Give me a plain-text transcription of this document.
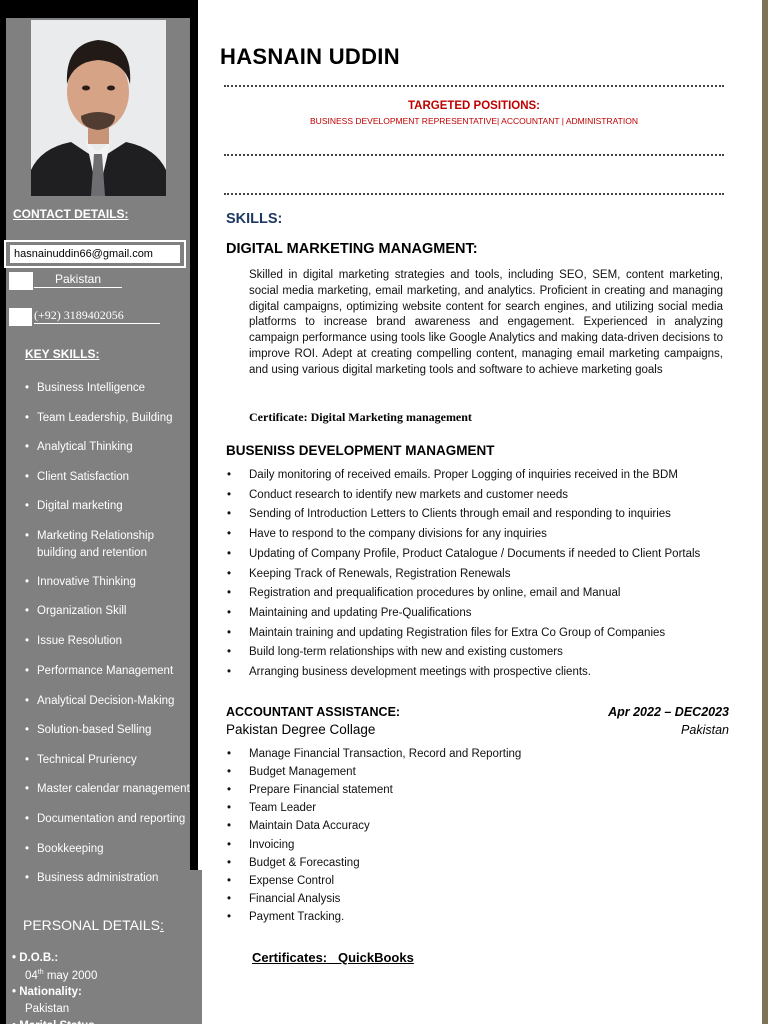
CONTACT DETAILS:
hasnainuddin66@gmail.com
Pakistan
(+92) 3189402056
KEY SKILLS:
• Business Intelligence
• Team Leadership, Building
• Analytical Thinking
• Client Satisfaction
• Digital marketing
• Marketing Relationship building and retention
• Innovative Thinking
• Organization Skill
• Issue Resolution
• Performance Management
• Analytical Decision-Making
• Solution-based Selling
• Technical Pruriency
• Master calendar management
• Documentation and reporting
• Bookkeeping
• Business administration
PERSONAL DETAILS:
• D.O.B.:
04th may 2000
• Nationality:
Pakistan
• Marital Status
HASNAIN UDDIN
TARGETED POSITIONS:
BUSINESS DEVELOPMENT REPRESENTATIVE| ACCOUNTANT | ADMINISTRATION
SKILLS:
DIGITAL MARKETING MANAGMENT:
Skilled in digital marketing strategies and tools, including SEO, SEM, content marketing, social media marketing, email marketing, and analytics. Proficient in creating and managing digital campaigns, optimizing website content for search engines, and utilizing social media platforms to increase brand awareness and engagement. Experienced in analyzing campaign performance using tools like Google Analytics and making data-driven decisions to improve ROI. Adept at creating compelling content, managing email marketing campaigns, and using various digital marketing tools and software to achieve marketing goals
Certificate: Digital Marketing management
BUSENISS DEVELOPMENT MANAGMENT
• Daily monitoring of received emails. Proper Logging of inquiries received in the BDM
• Conduct research to identify new markets and customer needs
• Sending of Introduction Letters to Clients through email and responding to inquiries
• Have to respond to the company divisions for any inquiries
• Updating of Company Profile, Product Catalogue / Documents if needed to Client Portals
• Keeping Track of Renewals, Registration Renewals
• Registration and prequalification procedures by online, email and Manual
• Maintaining and updating Pre-Qualifications
• Maintain training and updating Registration files for Extra Co Group of Companies
• Build long-term relationships with new and existing customers
• Arranging business development meetings with prospective clients.
ACCOUNTANT ASSISTANCE:	Apr 2022 – DEC2023
Pakistan Degree Collage	Pakistan
• Manage Financial Transaction, Record and Reporting
• Budget Management
• Prepare Financial statement
• Team Leader
• Maintain Data Accuracy
• Invoicing
• Budget & Forecasting
• Expense Control
• Financial Analysis
• Payment Tracking.
Certificates:   QuickBooks
